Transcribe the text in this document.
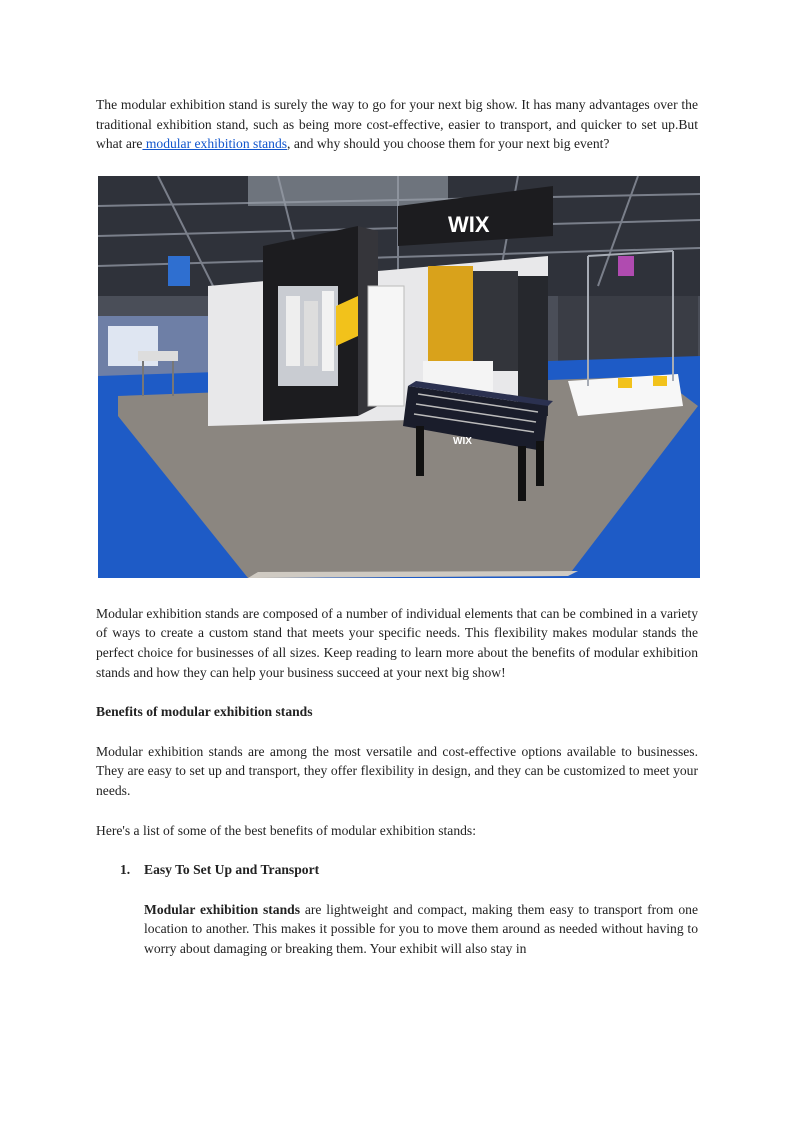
The modular exhibition stand is surely the way to go for your next big show. It has many advantages over the traditional exhibition stand, such as being more cost-effective, easier to transport, and quicker to set up.But what are modular exhibition stands, and why should you choose them for your next big event?

WIX
WIX

Modular exhibition stands are composed of a number of individual elements that can be combined in a variety of ways to create a custom stand that meets your specific needs. This flexibility makes modular stands the perfect choice for businesses of all sizes. Keep reading to learn more about the benefits of modular exhibition stands and how they can help your business succeed at your next big show!

Benefits of modular exhibition stands

Modular exhibition stands are among the most versatile and cost-effective options available to businesses. They are easy to set up and transport, they offer flexibility in design, and they can be customized to meet your needs.

Here's a list of some of the best benefits of modular exhibition stands:

1.	Easy To Set Up and Transport

Modular exhibition stands are lightweight and compact, making them easy to transport from one location to another. This makes it possible for you to move them around as needed without having to worry about damaging or breaking them. Your exhibit will also stay in
